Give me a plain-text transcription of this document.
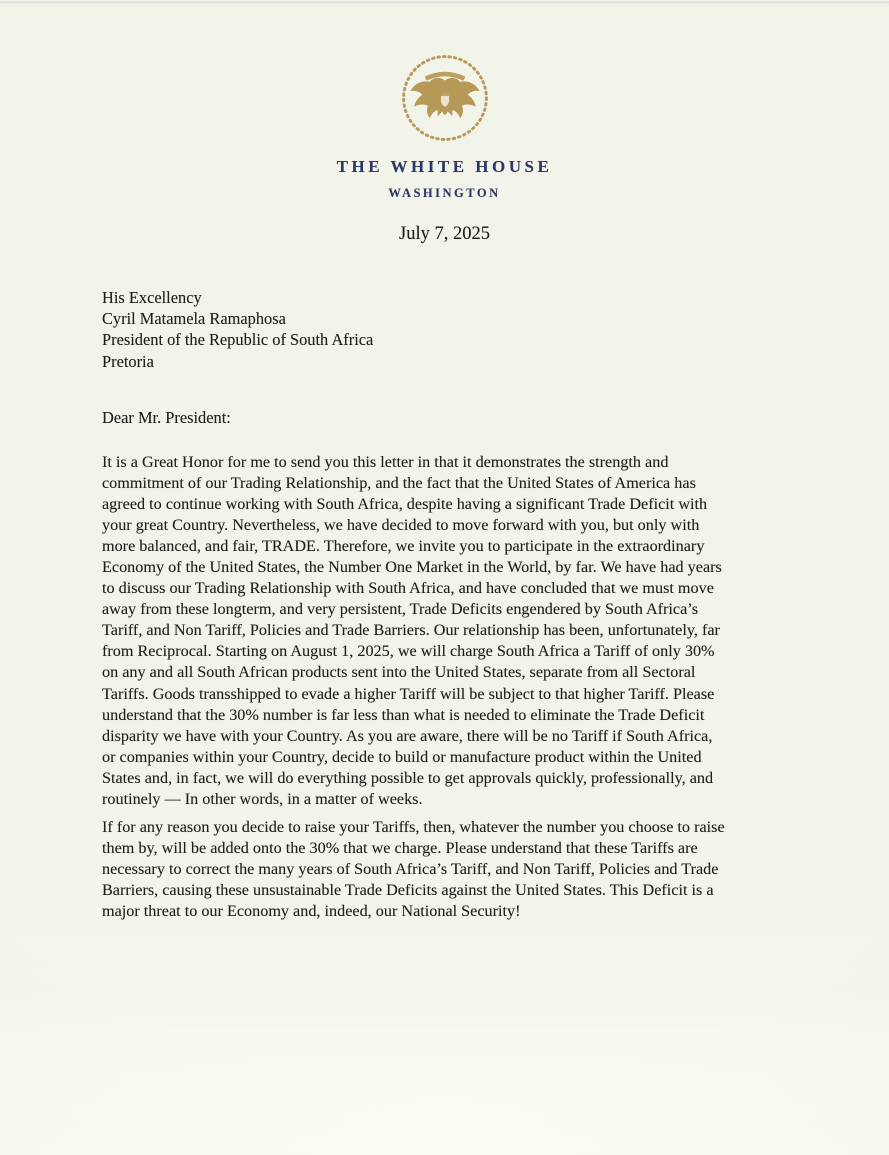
THE WHITE HOUSE
WASHINGTON
July 7, 2025
His Excellency
Cyril Matamela Ramaphosa
President of the Republic of South Africa
Pretoria
Dear Mr. President:
It is a Great Honor for me to send you this letter in that it demonstrates the strength and
commitment of our Trading Relationship, and the fact that the United States of America has
agreed to continue working with South Africa, despite having a significant Trade Deficit with
your great Country. Nevertheless, we have decided to move forward with you, but only with
more balanced, and fair, TRADE. Therefore, we invite you to participate in the extraordinary
Economy of the United States, the Number One Market in the World, by far. We have had years
to discuss our Trading Relationship with South Africa, and have concluded that we must move
away from these longterm, and very persistent, Trade Deficits engendered by South Africa’s
Tariff, and Non Tariff, Policies and Trade Barriers. Our relationship has been, unfortunately, far
from Reciprocal. Starting on August 1, 2025, we will charge South Africa a Tariff of only 30%
on any and all South African products sent into the United States, separate from all Sectoral
Tariffs. Goods transshipped to evade a higher Tariff will be subject to that higher Tariff. Please
understand that the 30% number is far less than what is needed to eliminate the Trade Deficit
disparity we have with your Country. As you are aware, there will be no Tariff if South Africa,
or companies within your Country, decide to build or manufacture product within the United
States and, in fact, we will do everything possible to get approvals quickly, professionally, and
routinely — In other words, in a matter of weeks.
If for any reason you decide to raise your Tariffs, then, whatever the number you choose to raise
them by, will be added onto the 30% that we charge. Please understand that these Tariffs are
necessary to correct the many years of South Africa’s Tariff, and Non Tariff, Policies and Trade
Barriers, causing these unsustainable Trade Deficits against the United States. This Deficit is a
major threat to our Economy and, indeed, our National Security!
